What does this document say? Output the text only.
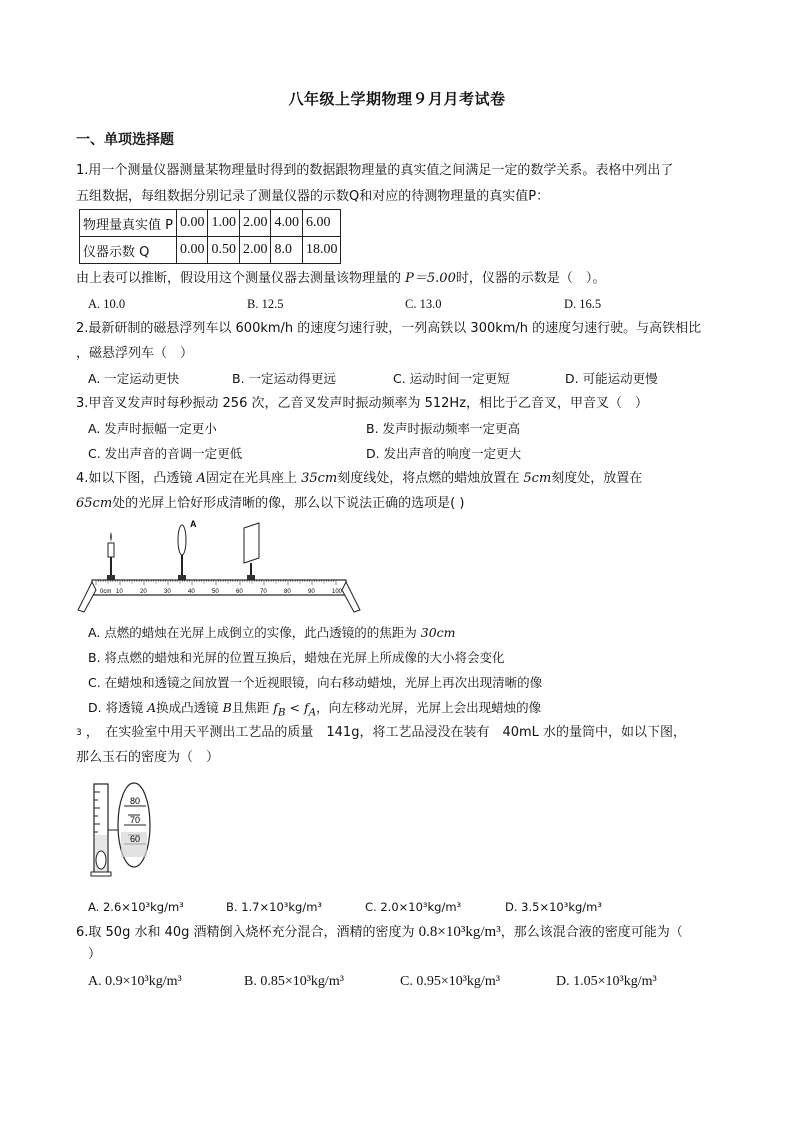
八年级上学期物理９月月考试卷
一、单项选择题
1.用一个测量仪器测量某物理量时得到的数据跟物理量的真实值之间满足一定的数学关系。表格中列出了
五组数据，每组数据分别记录了测量仪器的示数Q和对应的待测物理量的真实值P：
物理量真实值 P	0.00	1.00	2.00	4.00	6.00
仪器示数 Q	0.00	0.50	2.00	8.0	18.00
由上表可以推断，假设用这个测量仪器去测量该物理量的 P＝5.00时，仪器的示数是（　）。
A. 10.0	B. 12.5	C. 13.0	D. 16.5
2.最新研制的磁悬浮列车以 600km/h 的速度匀速行驶，一列高铁以 300km/h 的速度匀速行驶。与高铁相比
，磁悬浮列车（　）
A. 一定运动更快	B. 一定运动得更远	C. 运动时间一定更短	D. 可能运动更慢
3.甲音叉发声时每秒振动 256 次，乙音叉发声时振动频率为 512Hz，相比于乙音叉，甲音叉（　）
A. 发声时振幅一定更小	B. 发声时振动频率一定更高
C. 发出声音的音调一定更低	D. 发出声音的响度一定更大
4.如以下图，凸透镜 A固定在光具座上 35cm刻度线处，将点燃的蜡烛放置在 5cm刻度处，放置在
65cm处的光屏上恰好形成清晰的像，那么以下说法正确的选项是( )
A
0cm 10	20	30	40	50	60	70	80	90	100
A. 点燃的蜡烛在光屏上成倒立的实像，此凸透镜的的焦距为 30cm
B. 将点燃的蜡烛和光屏的位置互换后，蜡烛在光屏上所成像的大小将会变化
C. 在蜡烛和透镜之间放置一个近视眼镜，向右移动蜡烛，光屏上再次出现清晰的像
D. 将透镜 A换成凸透镜 B且焦距 $f_B < f_A$，向左移动光屏，光屏上会出现蜡烛的像
$^3$ ，　在实验室中用天平测出工艺品的质量　141g，将工艺品浸没在装有　40mL 水的量筒中，如以下图，
那么玉石的密度为（　）
80
70
60
A. 2.6×10³kg/m³	B. 1.7×10³kg/m³	C. 2.0×10³kg/m³	D. 3.5×10³kg/m³
6.取 50g 水和 40g 酒精倒入烧杯充分混合，酒精的密度为 0.8×10³kg/m³，那么该混合液的密度可能为（
）
A. 0.9×10³kg/m³	B. 0.85×10³kg/m³	C. 0.95×10³kg/m³	D. 1.05×10³kg/m³
